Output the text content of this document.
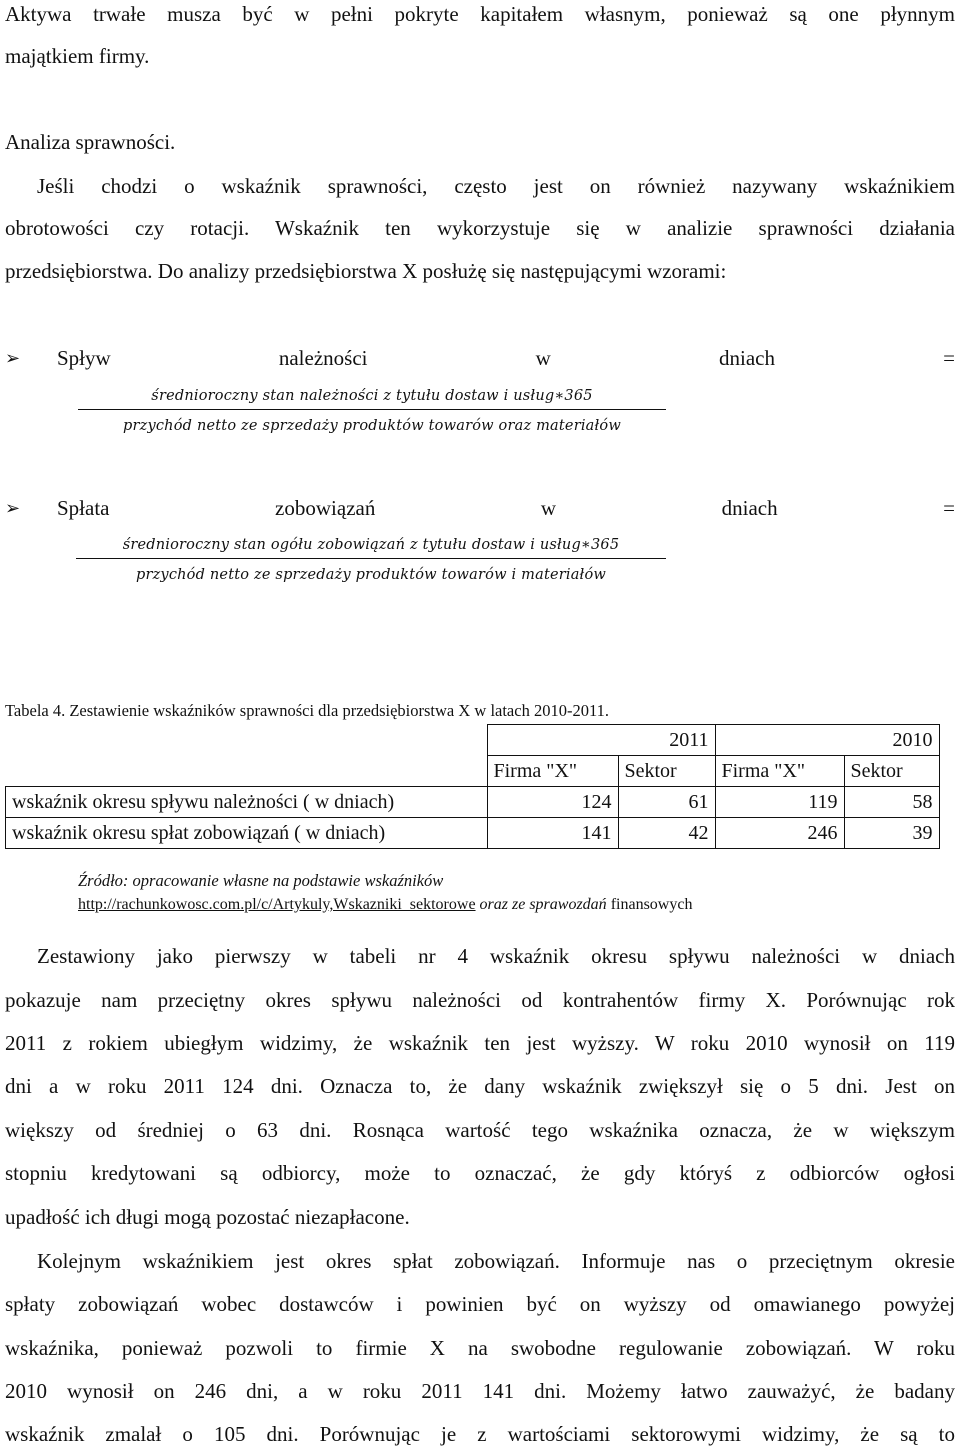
Aktywa trwałe musza być w pełni pokryte kapitałem własnym, ponieważ są one płynnym
majątkiem firmy.
Analiza sprawności.
Jeśli chodzi o wskaźnik sprawności, często jest on również nazywany wskaźnikiem
obrotowości czy rotacji. Wskaźnik ten wykorzystuje się w analizie sprawności działania
przedsiębiorstwa. Do analizy przedsiębiorstwa X posłużę się następującymi wzorami:
➢	Spływ	należności	w	dniach	=
średnioroczny stan należności z tytułu dostaw i usług∗365
przychód netto ze sprzedaży produktów towarów oraz materiałów
➢	Spłata	zobowiązań	w	dniach	=
średnioroczny stan ogółu zobowiązań z tytułu dostaw i usług∗365
przychód netto ze sprzedaży produktów towarów i materiałów
Tabela 4. Zestawienie wskaźników sprawności dla przedsiębiorstwa X w latach 2010-2011.
	2011		2010	
	Firma "X"	Sektor	Firma "X"	Sektor
wskaźnik okresu spływu należności ( w dniach)	124	61	119	58
wskaźnik okresu spłat zobowiązań ( w dniach)	141	42	246	39
Źródło: opracowanie własne na podstawie wskaźników
http://rachunkowosc.com.pl/c/Artykuly,Wskazniki_sektorowe oraz ze sprawozdań finansowych
Zestawiony jako pierwszy w tabeli nr 4 wskaźnik okresu spływu należności w dniach
pokazuje nam przeciętny okres spływu należności od kontrahentów firmy X. Porównując rok
2011 z rokiem ubiegłym widzimy, że wskaźnik ten jest wyższy. W roku 2010 wynosił on 119
dni a w roku 2011 124 dni. Oznacza to, że dany wskaźnik zwiększył się o 5 dni. Jest on
większy od średniej o 63 dni. Rosnąca wartość tego wskaźnika oznacza, że w większym
stopniu kredytowani są odbiorcy, może to oznaczać, że gdy któryś z odbiorców ogłosi
upadłość ich długi mogą pozostać niezapłacone.
Kolejnym wskaźnikiem jest okres spłat zobowiązań. Informuje nas o przeciętnym okresie
spłaty zobowiązań wobec dostawców i powinien być on wyższy od omawianego powyżej
wskaźnika, ponieważ pozwoli to firmie X na swobodne regulowanie zobowiązań. W roku
2010 wynosił on 246 dni, a w roku 2011 141 dni. Możemy łatwo zauważyć, że badany
wskaźnik zmalał o 105 dni. Porównując je z wartościami sektorowymi widzimy, że są to
